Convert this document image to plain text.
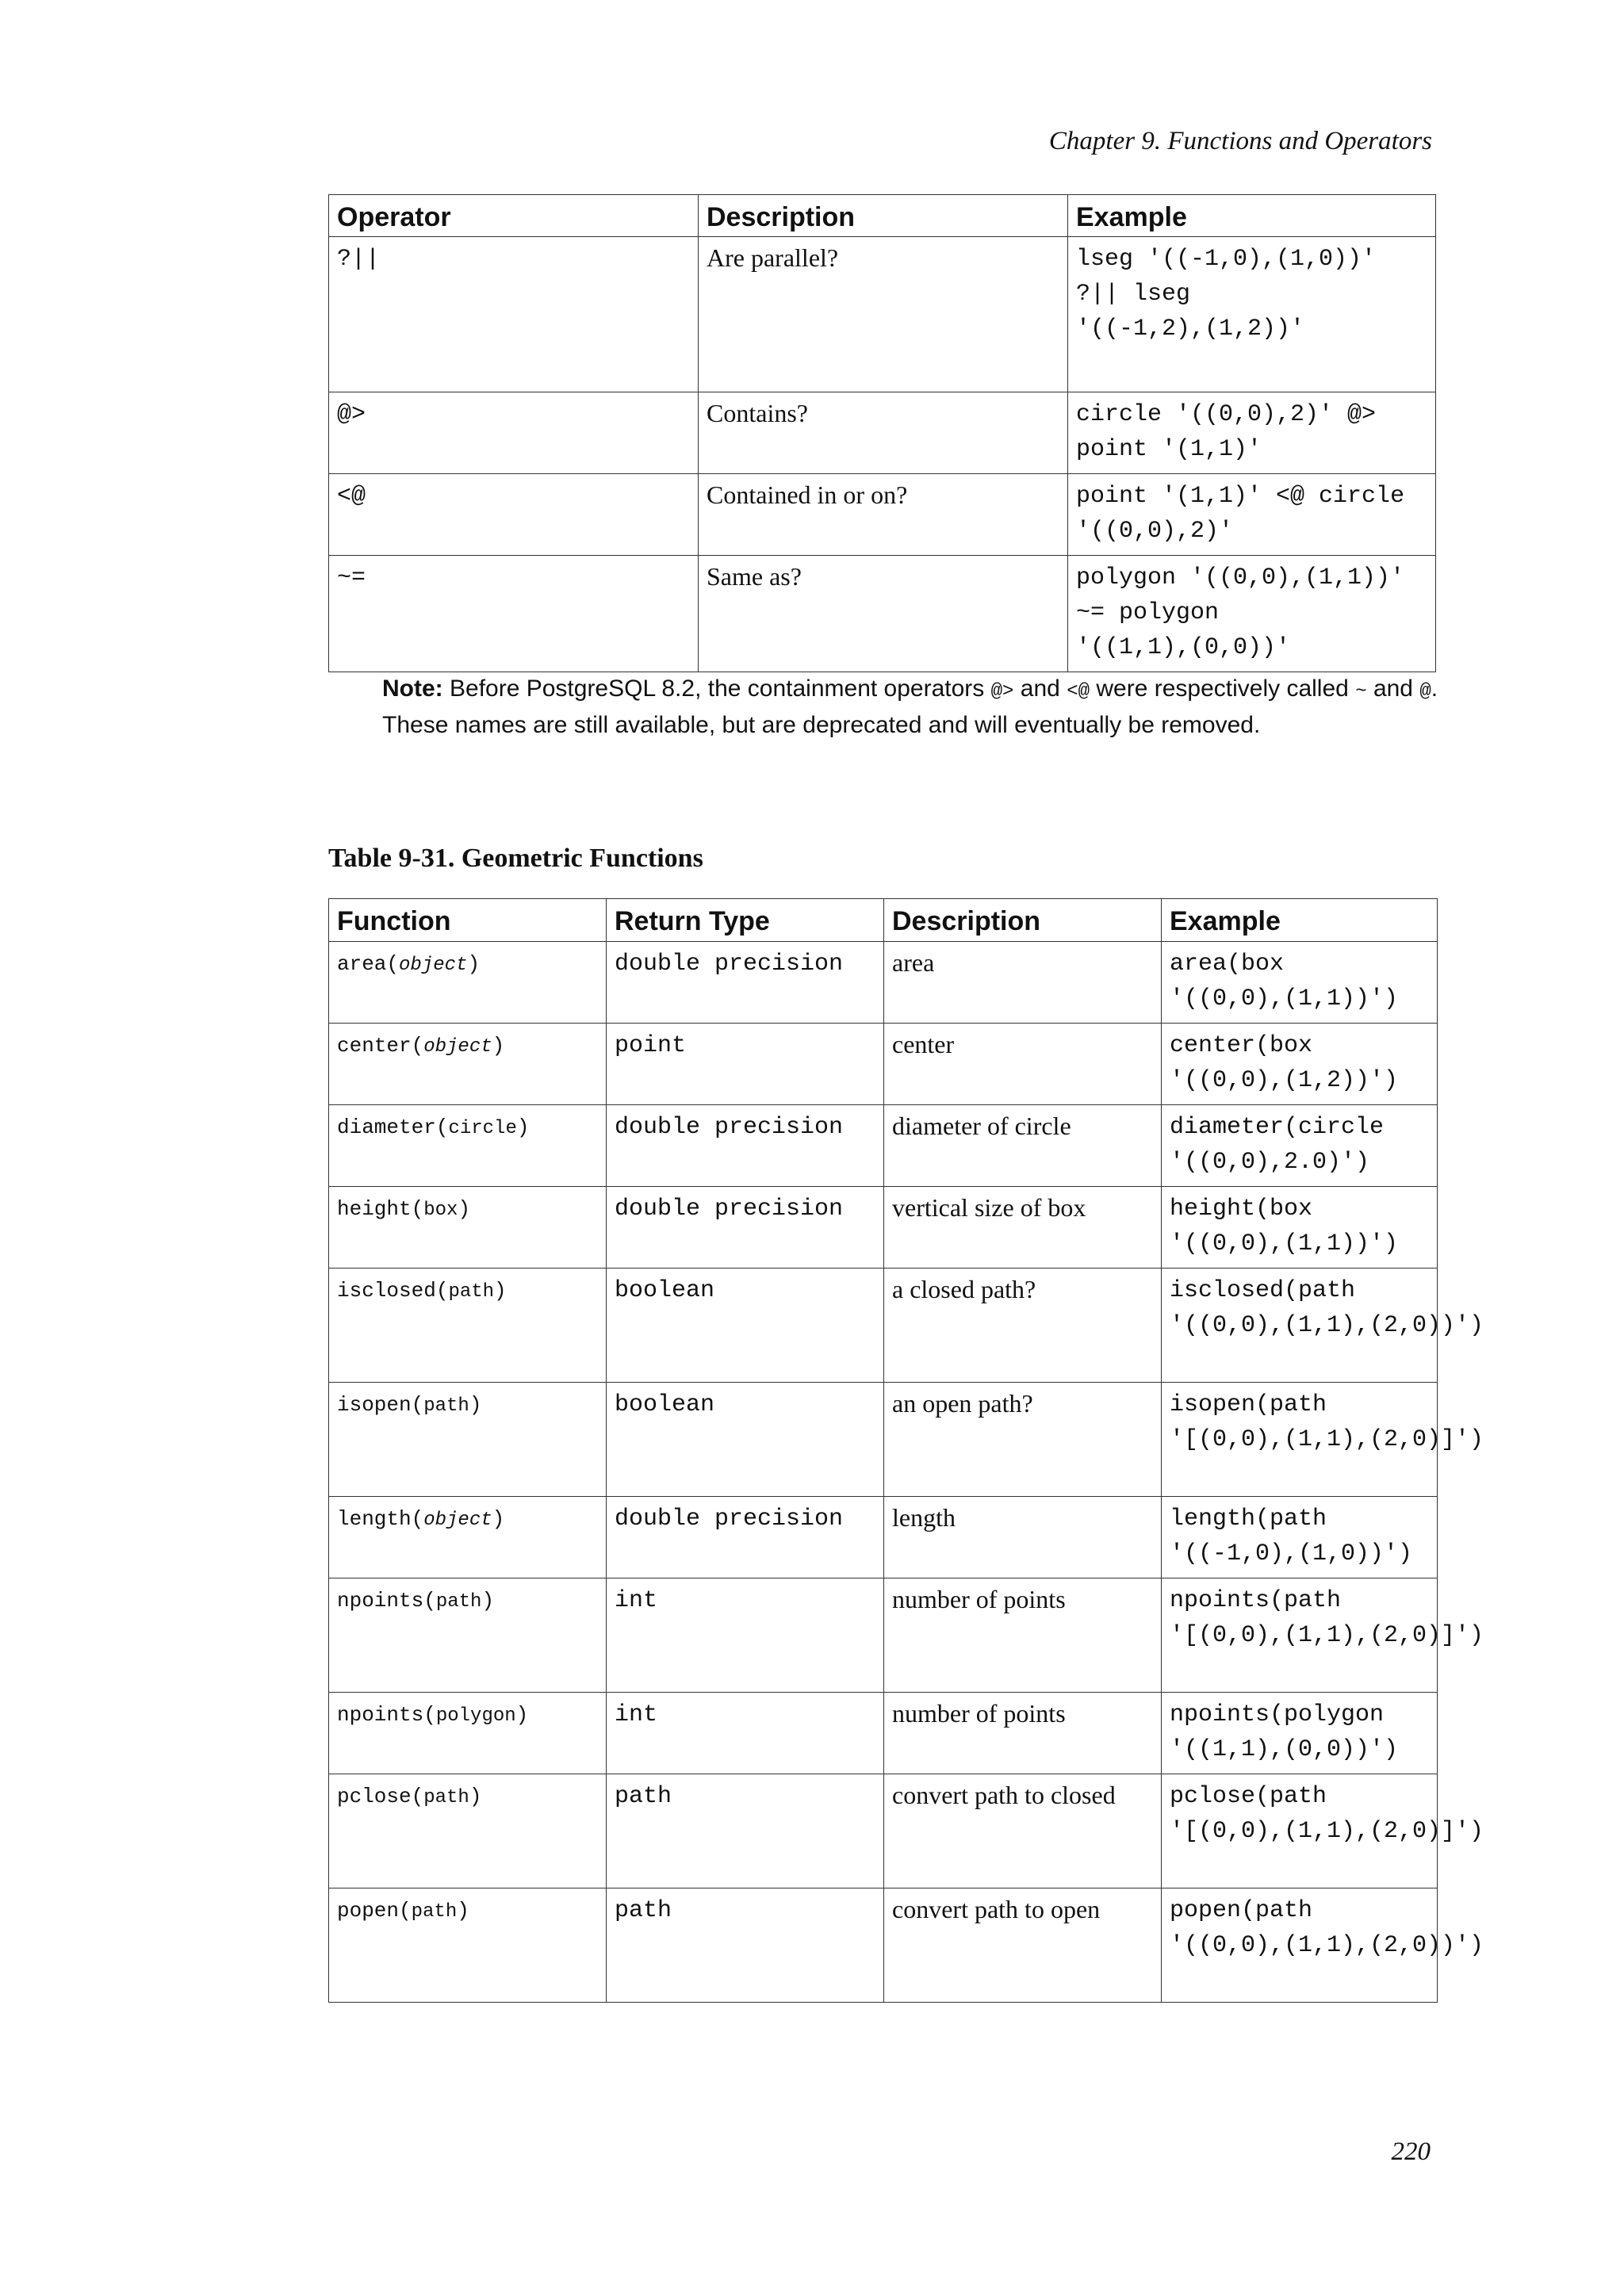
Chapter 9. Functions and Operators
Operator	Description	Example
?||	Are parallel?	lseg '((-1,0),(1,0))'
?|| lseg
'((-1,2),(1,2))'
@>	Contains?	circle '((0,0),2)' @>
point '(1,1)'
<@	Contained in or on?	point '(1,1)' <@ circle
'((0,0),2)'
~=	Same as?	polygon '((0,0),(1,1))'
~= polygon
'((1,1),(0,0))'
Note: Before PostgreSQL 8.2, the containment operators @> and <@ were respectively called ~ and @. These names are still available, but are deprecated and will eventually be removed.
Table 9-31. Geometric Functions
Function	Return Type	Description	Example
area(object)	double precision	area	area(box
'((0,0),(1,1))')
center(object)	point	center	center(box
'((0,0),(1,2))')
diameter(circle)	double precision	diameter of circle	diameter(circle
'((0,0),2.0)')
height(box)	double precision	vertical size of box	height(box
'((0,0),(1,1))')
isclosed(path)	boolean	a closed path?	isclosed(path
'((0,0),(1,1),(2,0))')
isopen(path)	boolean	an open path?	isopen(path
'[(0,0),(1,1),(2,0)]')
length(object)	double precision	length	length(path
'((-1,0),(1,0))')
npoints(path)	int	number of points	npoints(path
'[(0,0),(1,1),(2,0)]')
npoints(polygon)	int	number of points	npoints(polygon
'((1,1),(0,0))')
pclose(path)	path	convert path to closed	pclose(path
'[(0,0),(1,1),(2,0)]')
popen(path)	path	convert path to open	popen(path
'((0,0),(1,1),(2,0))')
220
